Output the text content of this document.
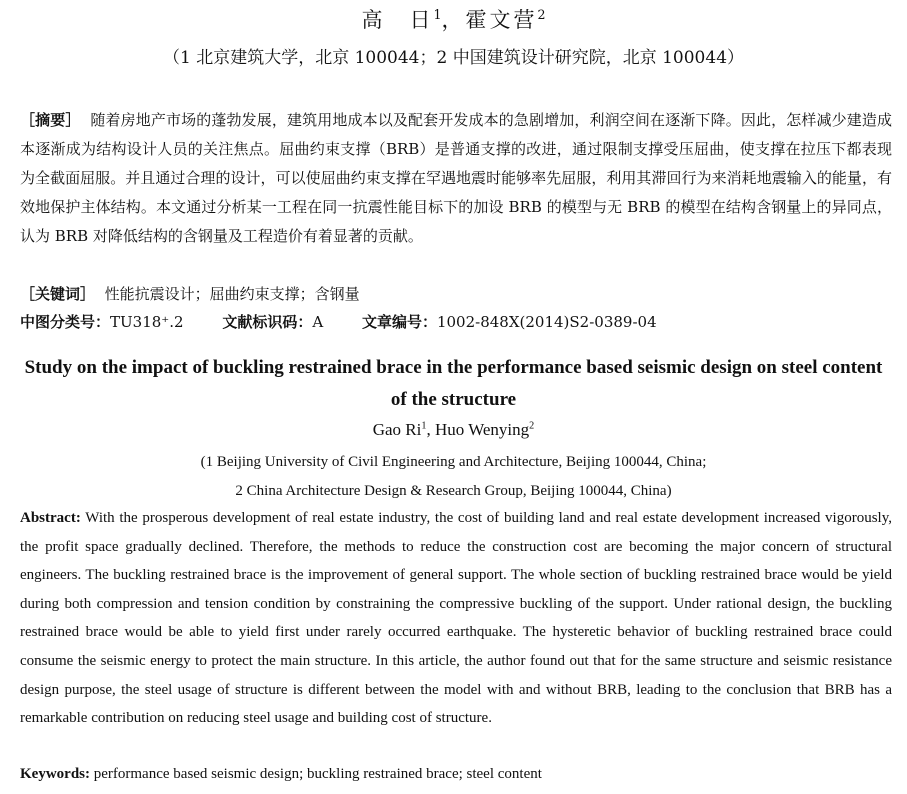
高　日$^1$，霍文营$^2$
（1 北京建筑大学，北京 100044；2 中国建筑设计研究院，北京 100044）
［摘要］ 随着房地产市场的蓬勃发展，建筑用地成本以及配套开发成本的急剧增加，利润空间在逐渐下降。因此，怎样减少建造成本逐渐成为结构设计人员的关注焦点。屈曲约束支撑（BRB）是普通支撑的改进，通过限制支撑受压屈曲，使支撑在拉压下都表现为全截面屈服。并且通过合理的设计，可以使屈曲约束支撑在罕遇地震时能够率先屈服，利用其滞回行为来消耗地震输入的能量，有效地保护主体结构。本文通过分析某一工程在同一抗震性能目标下的加设 BRB 的模型与无 BRB 的模型在结构含钢量上的异同点，认为 BRB 对降低结构的含钢量及工程造价有着显著的贡献。
［关键词］ 性能抗震设计；屈曲约束支撑；含钢量
中图分类号：TU318⁺.2	文献标识码：A	文章编号：1002-848X(2014)S2-0389-04
Study on the impact of buckling restrained brace in the performance based seismic design on steel content of the structure
Gao Ri$^1$, Huo Wenying$^2$
(1 Beijing University of Civil Engineering and Architecture, Beijing 100044, China;
2 China Architecture Design & Research Group, Beijing 100044, China)
Abstract: With the prosperous development of real estate industry, the cost of building land and real estate development increased vigorously, the profit space gradually declined. Therefore, the methods to reduce the construction cost are becoming the major concern of structural engineers. The buckling restrained brace is the improvement of general support. The whole section of buckling restrained brace would be yield during both compression and tension condition by constraining the compressive buckling of the support. Under rational design, the buckling restrained brace would be able to yield first under rarely occurred earthquake. The hysteretic behavior of buckling restrained brace could consume the seismic energy to protect the main structure. In this article, the author found out that for the same structure and seismic resistance design purpose, the steel usage of structure is different between the model with and without BRB, leading to the conclusion that BRB has a remarkable contribution on reducing steel usage and building cost of structure.
Keywords: performance based seismic design; buckling restrained brace; steel content
